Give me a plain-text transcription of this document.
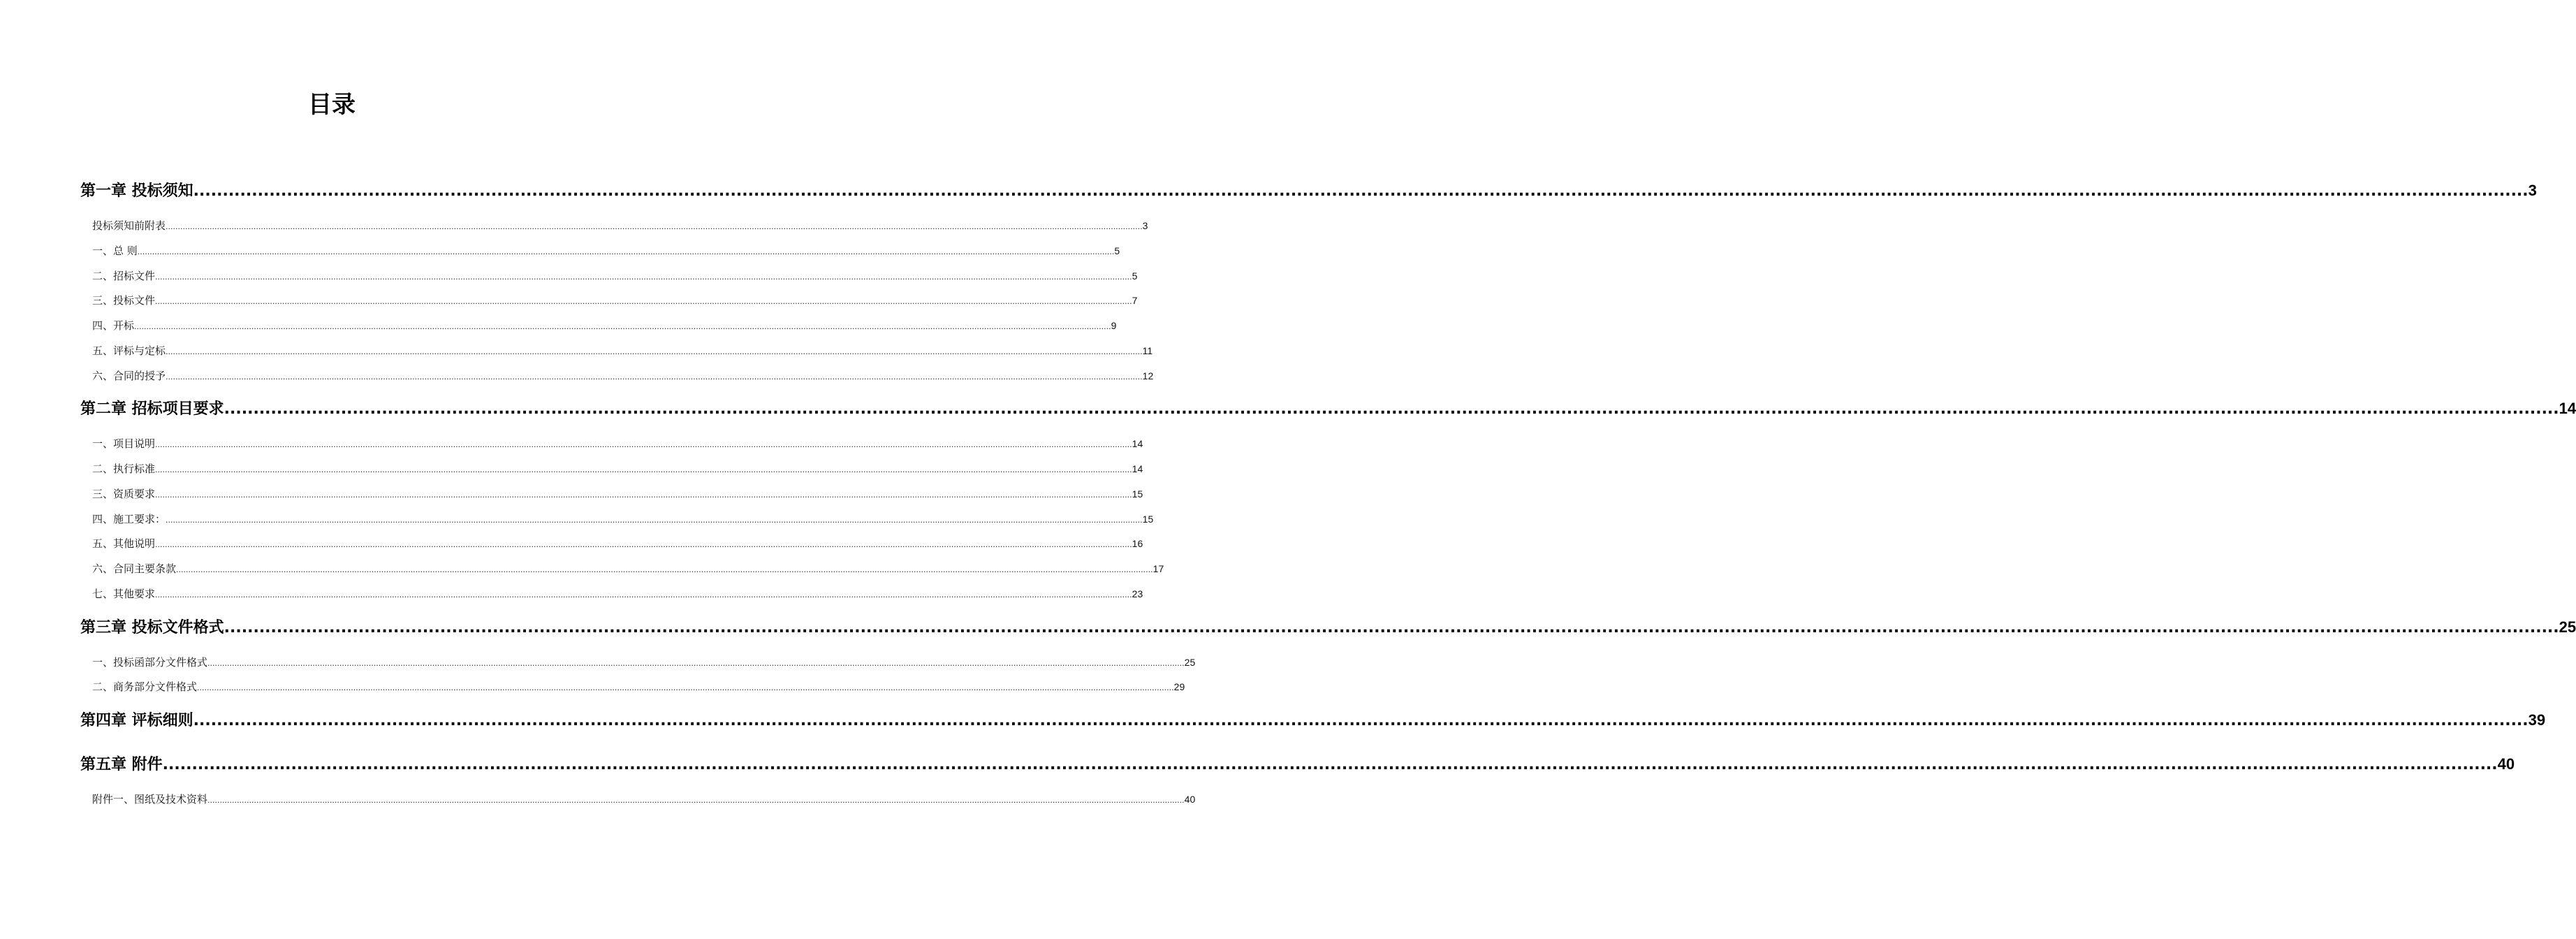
目录
第一章 投标须知 ................................................................................................................................................................................................................................................................................................................................................................................................................ 3
投标须知前附表 ................................................................................................................................................................................................................................................................................................................................................................................................................ 3
一、总 则 ................................................................................................................................................................................................................................................................................................................................................................................................................ 5
二、招标文件 ................................................................................................................................................................................................................................................................................................................................................................................................................ 5
三、投标文件 ................................................................................................................................................................................................................................................................................................................................................................................................................ 7
四、开标 ................................................................................................................................................................................................................................................................................................................................................................................................................ 9
五、评标与定标 ................................................................................................................................................................................................................................................................................................................................................................................................................ 11
六、合同的授予 ................................................................................................................................................................................................................................................................................................................................................................................................................ 12
第二章 招标项目要求 ................................................................................................................................................................................................................................................................................................................................................................................................................ 14
一、项目说明 ................................................................................................................................................................................................................................................................................................................................................................................................................ 14
二、执行标准 ................................................................................................................................................................................................................................................................................................................................................................................................................ 14
三、资质要求 ................................................................................................................................................................................................................................................................................................................................................................................................................ 15
四、施工要求： ................................................................................................................................................................................................................................................................................................................................................................................................................ 15
五、其他说明 ................................................................................................................................................................................................................................................................................................................................................................................................................ 16
六、合同主要条款 ................................................................................................................................................................................................................................................................................................................................................................................................................ 17
七、其他要求 ................................................................................................................................................................................................................................................................................................................................................................................................................ 23
第三章 投标文件格式 ................................................................................................................................................................................................................................................................................................................................................................................................................ 25
一、投标函部分文件格式 ................................................................................................................................................................................................................................................................................................................................................................................................................ 25
二、商务部分文件格式 ................................................................................................................................................................................................................................................................................................................................................................................................................ 29
第四章 评标细则 ................................................................................................................................................................................................................................................................................................................................................................................................................ 39
第五章 附件 ................................................................................................................................................................................................................................................................................................................................................................................................................ 40
附件一、图纸及技术资料 ................................................................................................................................................................................................................................................................................................................................................................................................................ 40
